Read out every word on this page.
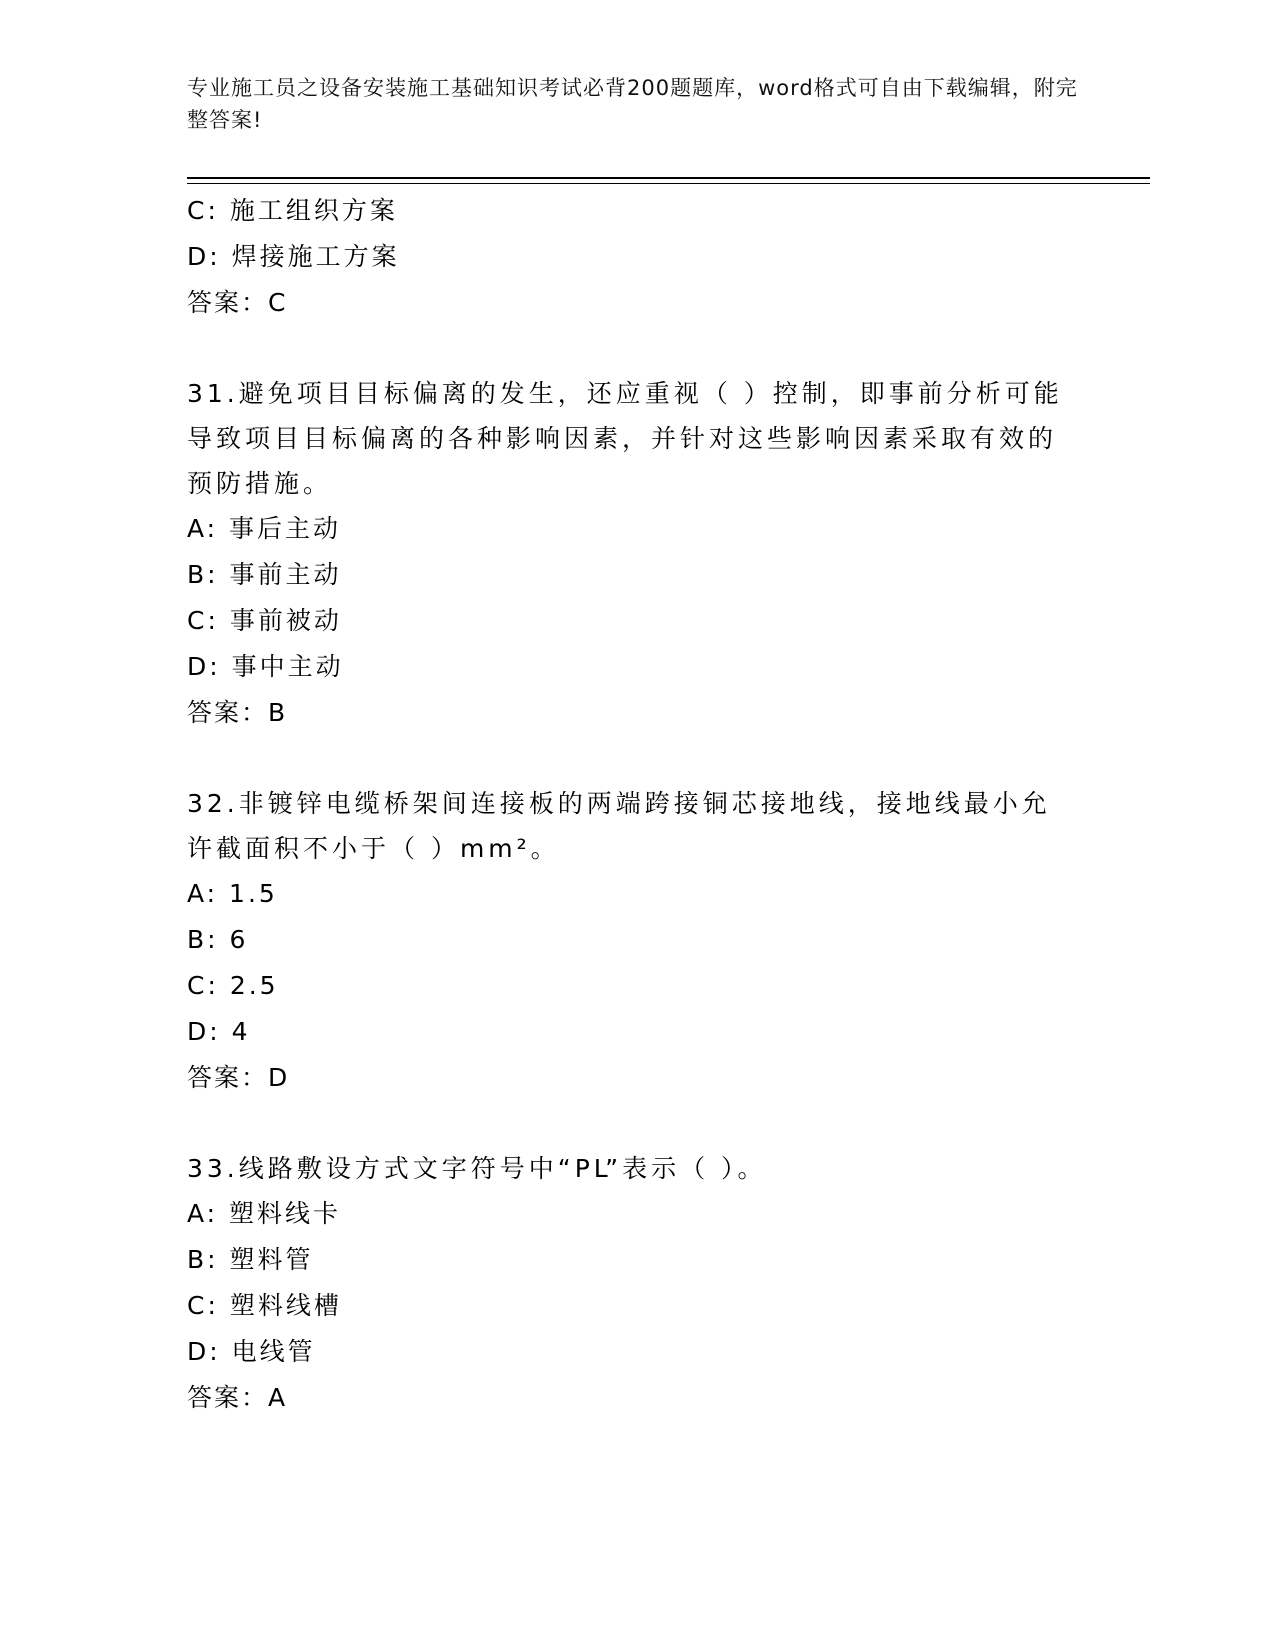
专业施工员之设备安装施工基础知识考试必背200题题库，word格式可自由下载编辑，附完整答案!
C: 施工组织方案
D: 焊接施工方案
答案：C
31.避免项目目标偏离的发生，还应重视（ ）控制，即事前分析可能导致项目目标偏离的各种影响因素，并针对这些影响因素采取有效的预防措施。
A: 事后主动
B: 事前主动
C: 事前被动
D: 事中主动
答案：B
32.非镀锌电缆桥架间连接板的两端跨接铜芯接地线，接地线最小允许截面积不小于（ ）mm²。
A: 1.5
B: 6
C: 2.5
D: 4
答案：D
33.线路敷设方式文字符号中“PL”表示（ ）。
A: 塑料线卡
B: 塑料管
C: 塑料线槽
D: 电线管
答案：A
